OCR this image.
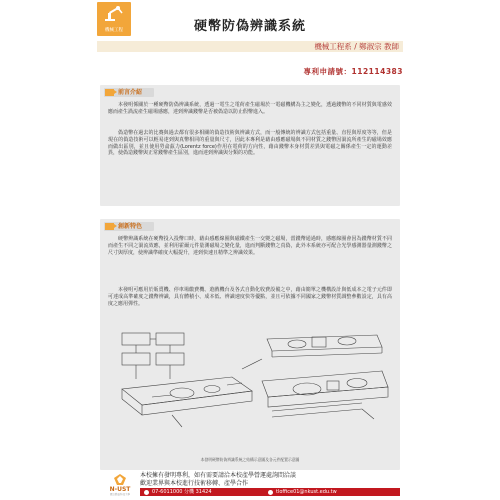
機械工程	硬幣防偽辨識系統
機械工程系 / 鄭淑宗 教師
專利申請號：112114383
前言介紹
本發明係關於一種硬幣防偽辨識系統，透過一電生之電荷產生磁場於一電磁機構為主之變化，透過錢幣的不同材質與電感效應而產生渦流產生磁場感應，達到辨識錢幣是否被偽造以防止假幣進入。
偽造幣在過去的比賽與過去都有很多相關的偽造技術與辨識方式，而一般傳統的辨識方式包括重量、直徑與厚度等等，但是現在的偽造技術可以輕易達到與真幣相同的重量與尺寸，因此本專利是藉由感應磁場與不同材質之錢幣因渦流所產生的磁場效應而做出區別，並且使用勞侖茲力(Lorentz force)作用在電荷的方向性，藉由錢幣本身材質差異與電磁之關係產生一定的運動差異，使偽造錢幣與正常錢幣產生區別，進而達到辨識與分類的功能。
創新特色
硬幣辨識系統在硬幣投入投幣口時，藉由感應線圈與磁鐵產生一交變之磁場，當錢幣通過時，感應線圈會因為錢幣材質不同而產生不同之渦流效應，並利用霍爾元件量測磁場之變化量，進而判斷錢幣之真偽，此外本系統亦可配合光學感測器量測錢幣之尺寸與厚度，使辨識準確度大幅提升，達到快速且精準之辨識效果。
本發明可應用於販賣機、停車場繳費機、遊戲機台及各式自動化收費設備之中，藉由簡單之機構設計與低成本之電子元件即可達成高準確度之錢幣辨識，具有體積小、成本低、辨識速度快等優點，並且可依據不同國家之錢幣材質調整參數設定，具有高度之應用彈性。
本發明硬幣防偽辨識系統之結構示意圖及各元件配置示意圖
N-UST
國立勤益科技大學
本校擁有發明專利，如有需要請洽本校產學營運處詢問洽談
歡迎業界與本校進行技術移轉、產學合作
07-6011000 分機 31424	tloffice01@nkust.edu.tw
